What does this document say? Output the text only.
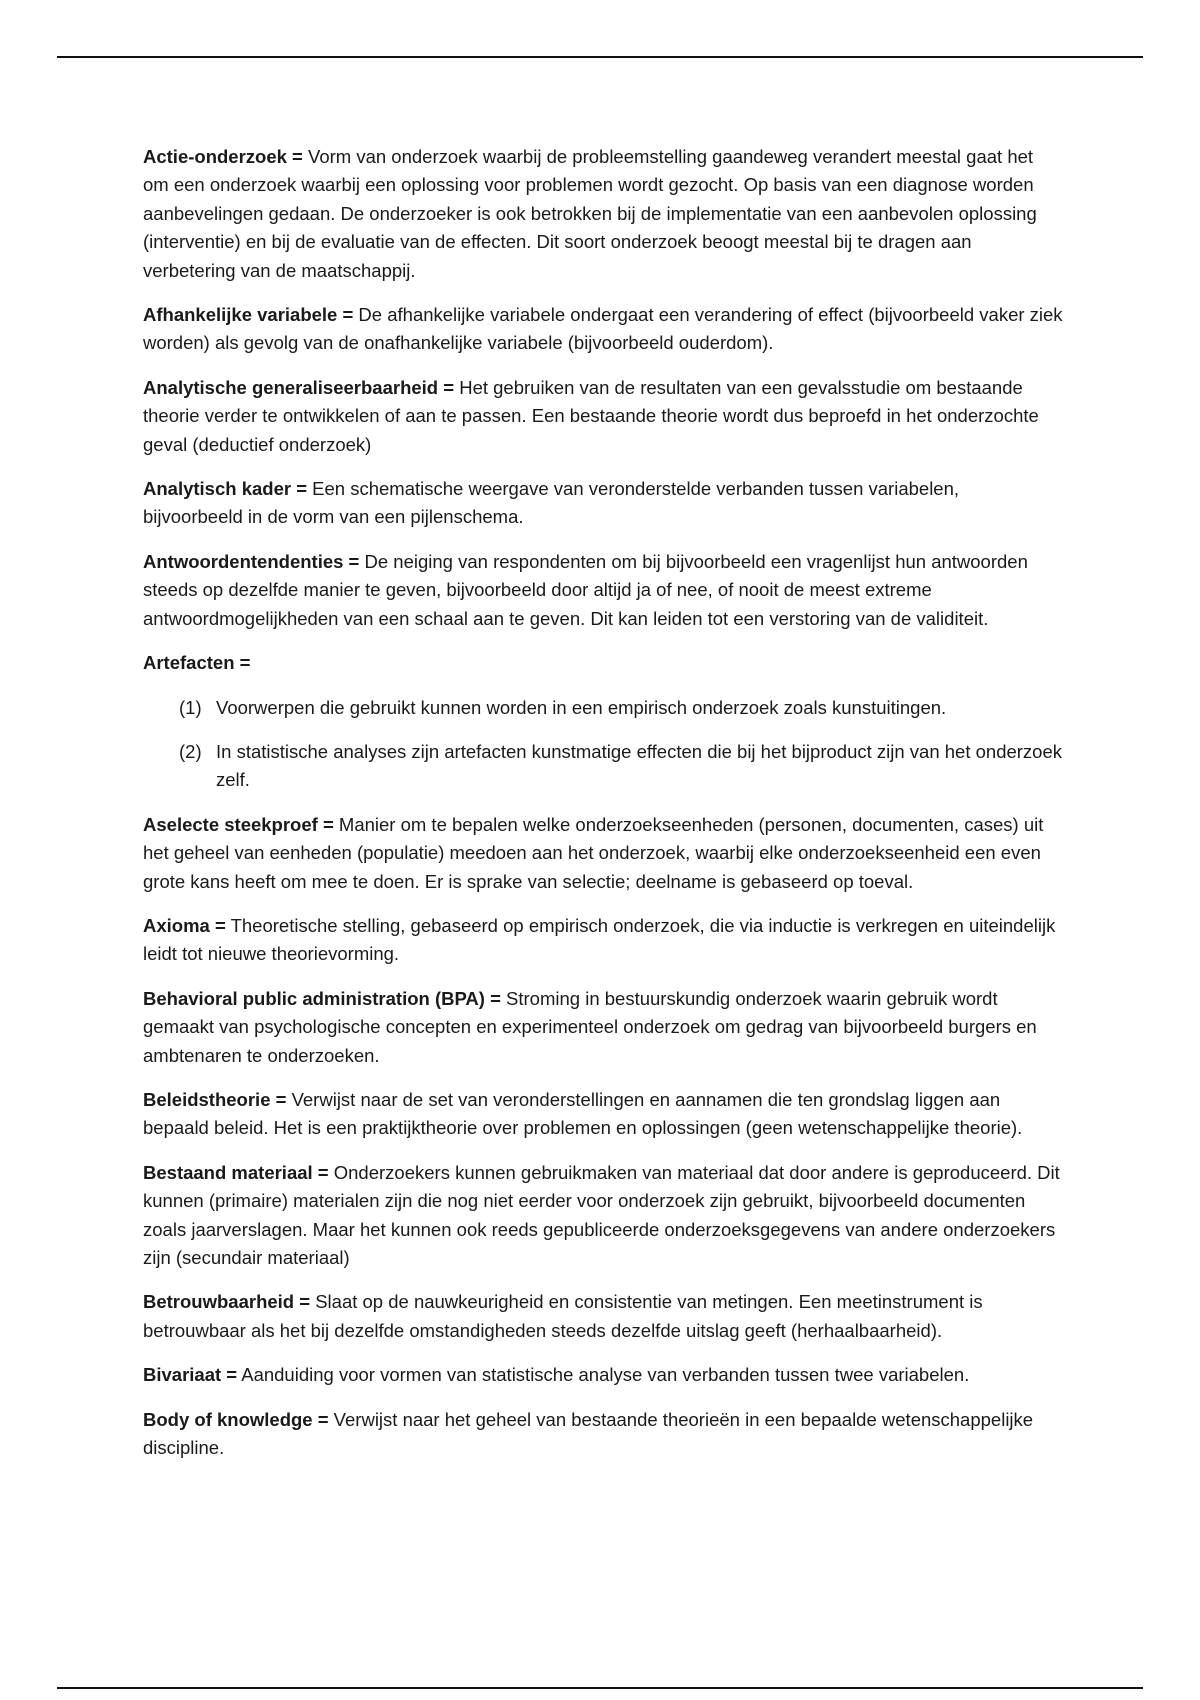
Actie-onderzoek = Vorm van onderzoek waarbij de probleemstelling gaandeweg verandert meestal gaat het om een onderzoek waarbij een oplossing voor problemen wordt gezocht. Op basis van een diagnose worden aanbevelingen gedaan. De onderzoeker is ook betrokken bij de implementatie van een aanbevolen oplossing (interventie) en bij de evaluatie van de effecten. Dit soort onderzoek beoogt meestal bij te dragen aan verbetering van de maatschappij.

Afhankelijke variabele = De afhankelijke variabele ondergaat een verandering of effect (bijvoorbeeld vaker ziek worden) als gevolg van de onafhankelijke variabele (bijvoorbeeld ouderdom).

Analytische generaliseerbaarheid = Het gebruiken van de resultaten van een gevalsstudie om bestaande theorie verder te ontwikkelen of aan te passen. Een bestaande theorie wordt dus beproefd in het onderzochte geval (deductief onderzoek)

Analytisch kader = Een schematische weergave van veronderstelde verbanden tussen variabelen, bijvoorbeeld in de vorm van een pijlenschema.

Antwoordentendenties = De neiging van respondenten om bij bijvoorbeeld een vragenlijst hun antwoorden steeds op dezelfde manier te geven, bijvoorbeeld door altijd ja of nee, of nooit de meest extreme antwoordmogelijkheden van een schaal aan te geven. Dit kan leiden tot een verstoring van de validiteit.

Artefacten =

(1) Voorwerpen die gebruikt kunnen worden in een empirisch onderzoek zoals kunstuitingen.
(2) In statistische analyses zijn artefacten kunstmatige effecten die bij het bijproduct zijn van het onderzoek zelf.

Aselecte steekproef = Manier om te bepalen welke onderzoekseenheden (personen, documenten, cases) uit het geheel van eenheden (populatie) meedoen aan het onderzoek, waarbij elke onderzoekseenheid een even grote kans heeft om mee te doen. Er is sprake van selectie; deelname is gebaseerd op toeval.

Axioma = Theoretische stelling, gebaseerd op empirisch onderzoek, die via inductie is verkregen en uiteindelijk leidt tot nieuwe theorievorming.

Behavioral public administration (BPA) = Stroming in bestuurskundig onderzoek waarin gebruik wordt gemaakt van psychologische concepten en experimenteel onderzoek om gedrag van bijvoorbeeld burgers en ambtenaren te onderzoeken.

Beleidstheorie = Verwijst naar de set van veronderstellingen en aannamen die ten grondslag liggen aan bepaald beleid. Het is een praktijktheorie over problemen en oplossingen (geen wetenschappelijke theorie).

Bestaand materiaal = Onderzoekers kunnen gebruikmaken van materiaal dat door andere is geproduceerd. Dit kunnen (primaire) materialen zijn die nog niet eerder voor onderzoek zijn gebruikt, bijvoorbeeld documenten zoals jaarverslagen. Maar het kunnen ook reeds gepubliceerde onderzoeksgegevens van andere onderzoekers zijn (secundair materiaal)

Betrouwbaarheid = Slaat op de nauwkeurigheid en consistentie van metingen. Een meetinstrument is betrouwbaar als het bij dezelfde omstandigheden steeds dezelfde uitslag geeft (herhaalbaarheid).

Bivariaat = Aanduiding voor vormen van statistische analyse van verbanden tussen twee variabelen.

Body of knowledge = Verwijst naar het geheel van bestaande theorieën in een bepaalde wetenschappelijke discipline.
